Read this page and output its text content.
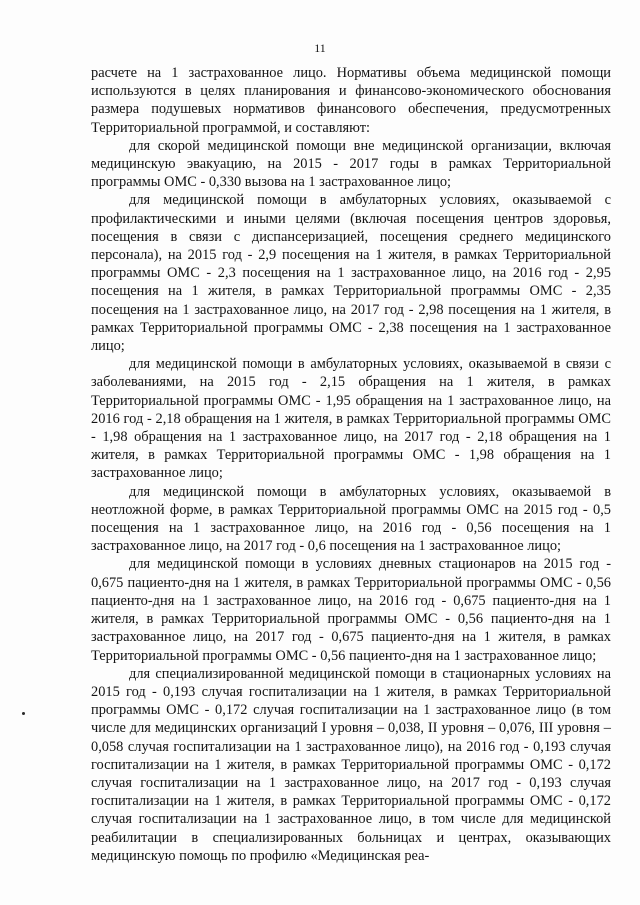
11

расчете на 1 застрахованное лицо. Нормативы объема медицинской помощи используются в целях планирования и финансово-экономического обоснования размера подушевых нормативов финансового обеспечения, предусмотренных Территориальной программой, и составляют:

для скорой медицинской помощи вне медицинской организации, включая медицинскую эвакуацию, на 2015 - 2017 годы в рамках Территориальной программы ОМС - 0,330 вызова на 1 застрахованное лицо;

для медицинской помощи в амбулаторных условиях, оказываемой с профилактическими и иными целями (включая посещения центров здоровья, посещения в связи с диспансеризацией, посещения среднего медицинского персонала), на 2015 год - 2,9 посещения на 1 жителя, в рамках Территориальной программы ОМС - 2,3 посещения на 1 застрахованное лицо, на 2016 год - 2,95 посещения на 1 жителя, в рамках Территориальной программы ОМС - 2,35 посещения на 1 застрахованное лицо, на 2017 год - 2,98 посещения на 1 жителя, в рамках Территориальной программы ОМС - 2,38 посещения на 1 застрахованное лицо;

для медицинской помощи в амбулаторных условиях, оказываемой в связи с заболеваниями, на 2015 год - 2,15 обращения на 1 жителя, в рамках Территориальной программы ОМС - 1,95 обращения на 1 застрахованное лицо, на 2016 год - 2,18 обращения на 1 жителя, в рамках Территориальной программы ОМС - 1,98 обращения на 1 застрахованное лицо, на 2017 год - 2,18 обращения на 1 жителя, в рамках Территориальной программы ОМС - 1,98 обращения на 1 застрахованное лицо;

для медицинской помощи в амбулаторных условиях, оказываемой в неотложной форме, в рамках Территориальной программы ОМС на 2015 год - 0,5 посещения на 1 застрахованное лицо, на 2016 год - 0,56 посещения на 1 застрахованное лицо, на 2017 год - 0,6 посещения на 1 застрахованное лицо;

для медицинской помощи в условиях дневных стационаров на 2015 год - 0,675 пациенто-дня на 1 жителя, в рамках Территориальной программы ОМС - 0,56 пациенто-дня на 1 застрахованное лицо, на 2016 год - 0,675 пациенто-дня на 1 жителя, в рамках Территориальной программы ОМС - 0,56 пациенто-дня на 1 застрахованное лицо, на 2017 год - 0,675 пациенто-дня на 1 жителя, в рамках Территориальной программы ОМС - 0,56 пациенто-дня на 1 застрахованное лицо;

для специализированной медицинской помощи в стационарных условиях на 2015 год - 0,193 случая госпитализации на 1 жителя, в рамках Территориальной программы ОМС - 0,172 случая госпитализации на 1 застрахованное лицо (в том числе для медицинских организаций I уровня – 0,038, II уровня – 0,076, III уровня – 0,058 случая госпитализации на 1 застрахованное лицо), на 2016 год - 0,193 случая госпитализации на 1 жителя, в рамках Территориальной программы ОМС - 0,172 случая госпитализации на 1 застрахованное лицо, на 2017 год - 0,193 случая госпитализации на 1 жителя, в рамках Территориальной программы ОМС - 0,172 случая госпитализации на 1 застрахованное лицо, в том числе для медицинской реабилитации в специализированных больницах и центрах, оказывающих медицинскую помощь по профилю «Медицинская реа-
